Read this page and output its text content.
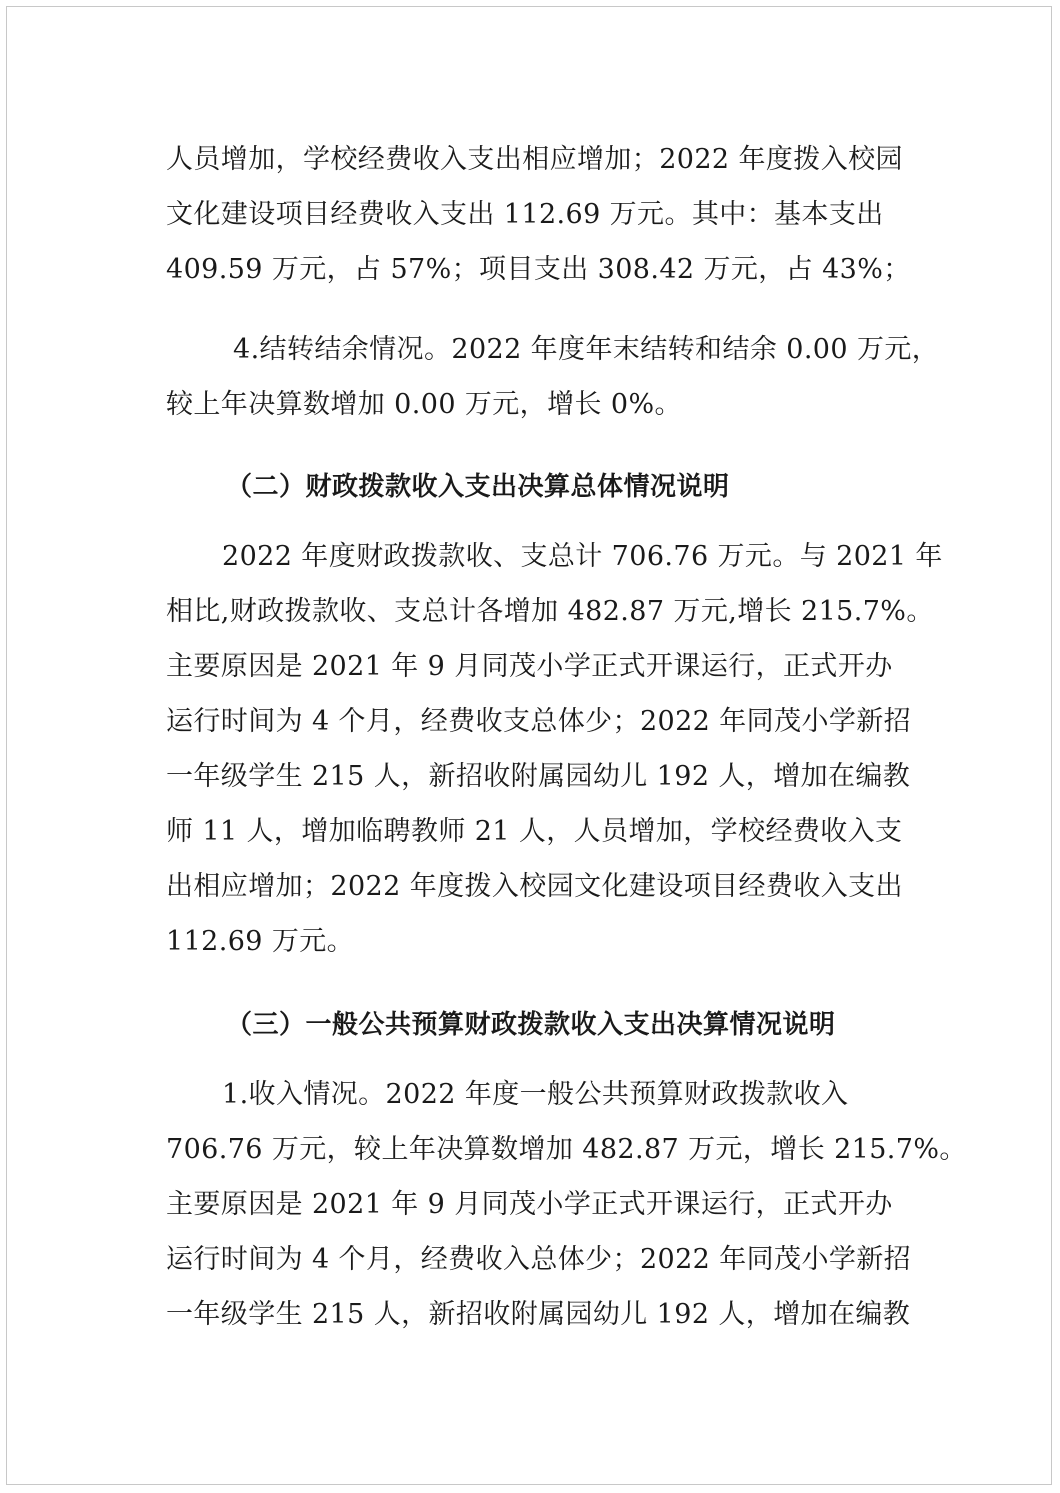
人员增加，学校经费收入支出相应增加；2022 年度拨入校园

文化建设项目经费收入支出 112.69 万元。其中：基本支出

409.59 万元，占 57%；项目支出 308.42 万元，占 43%；

4.结转结余情况。2022 年度年末结转和结余 0.00 万元，

较上年决算数增加 0.00 万元，增长 0%。

（二）财政拨款收入支出决算总体情况说明

2022 年度财政拨款收、支总计 706.76 万元。与 2021 年

相比,财政拨款收、支总计各增加 482.87 万元,增长 215.7%。

主要原因是 2021 年 9 月同茂小学正式开课运行，正式开办

运行时间为 4 个月，经费收支总体少；2022 年同茂小学新招

一年级学生 215 人，新招收附属园幼儿 192 人，增加在编教

师 11 人，增加临聘教师 21 人，人员增加，学校经费收入支

出相应增加；2022 年度拨入校园文化建设项目经费收入支出

112.69 万元。

（三）一般公共预算财政拨款收入支出决算情况说明

1.收入情况。2022 年度一般公共预算财政拨款收入

706.76 万元，较上年决算数增加 482.87 万元，增长 215.7%。

主要原因是 2021 年 9 月同茂小学正式开课运行，正式开办

运行时间为 4 个月，经费收入总体少；2022 年同茂小学新招

一年级学生 215 人，新招收附属园幼儿 192 人，增加在编教
